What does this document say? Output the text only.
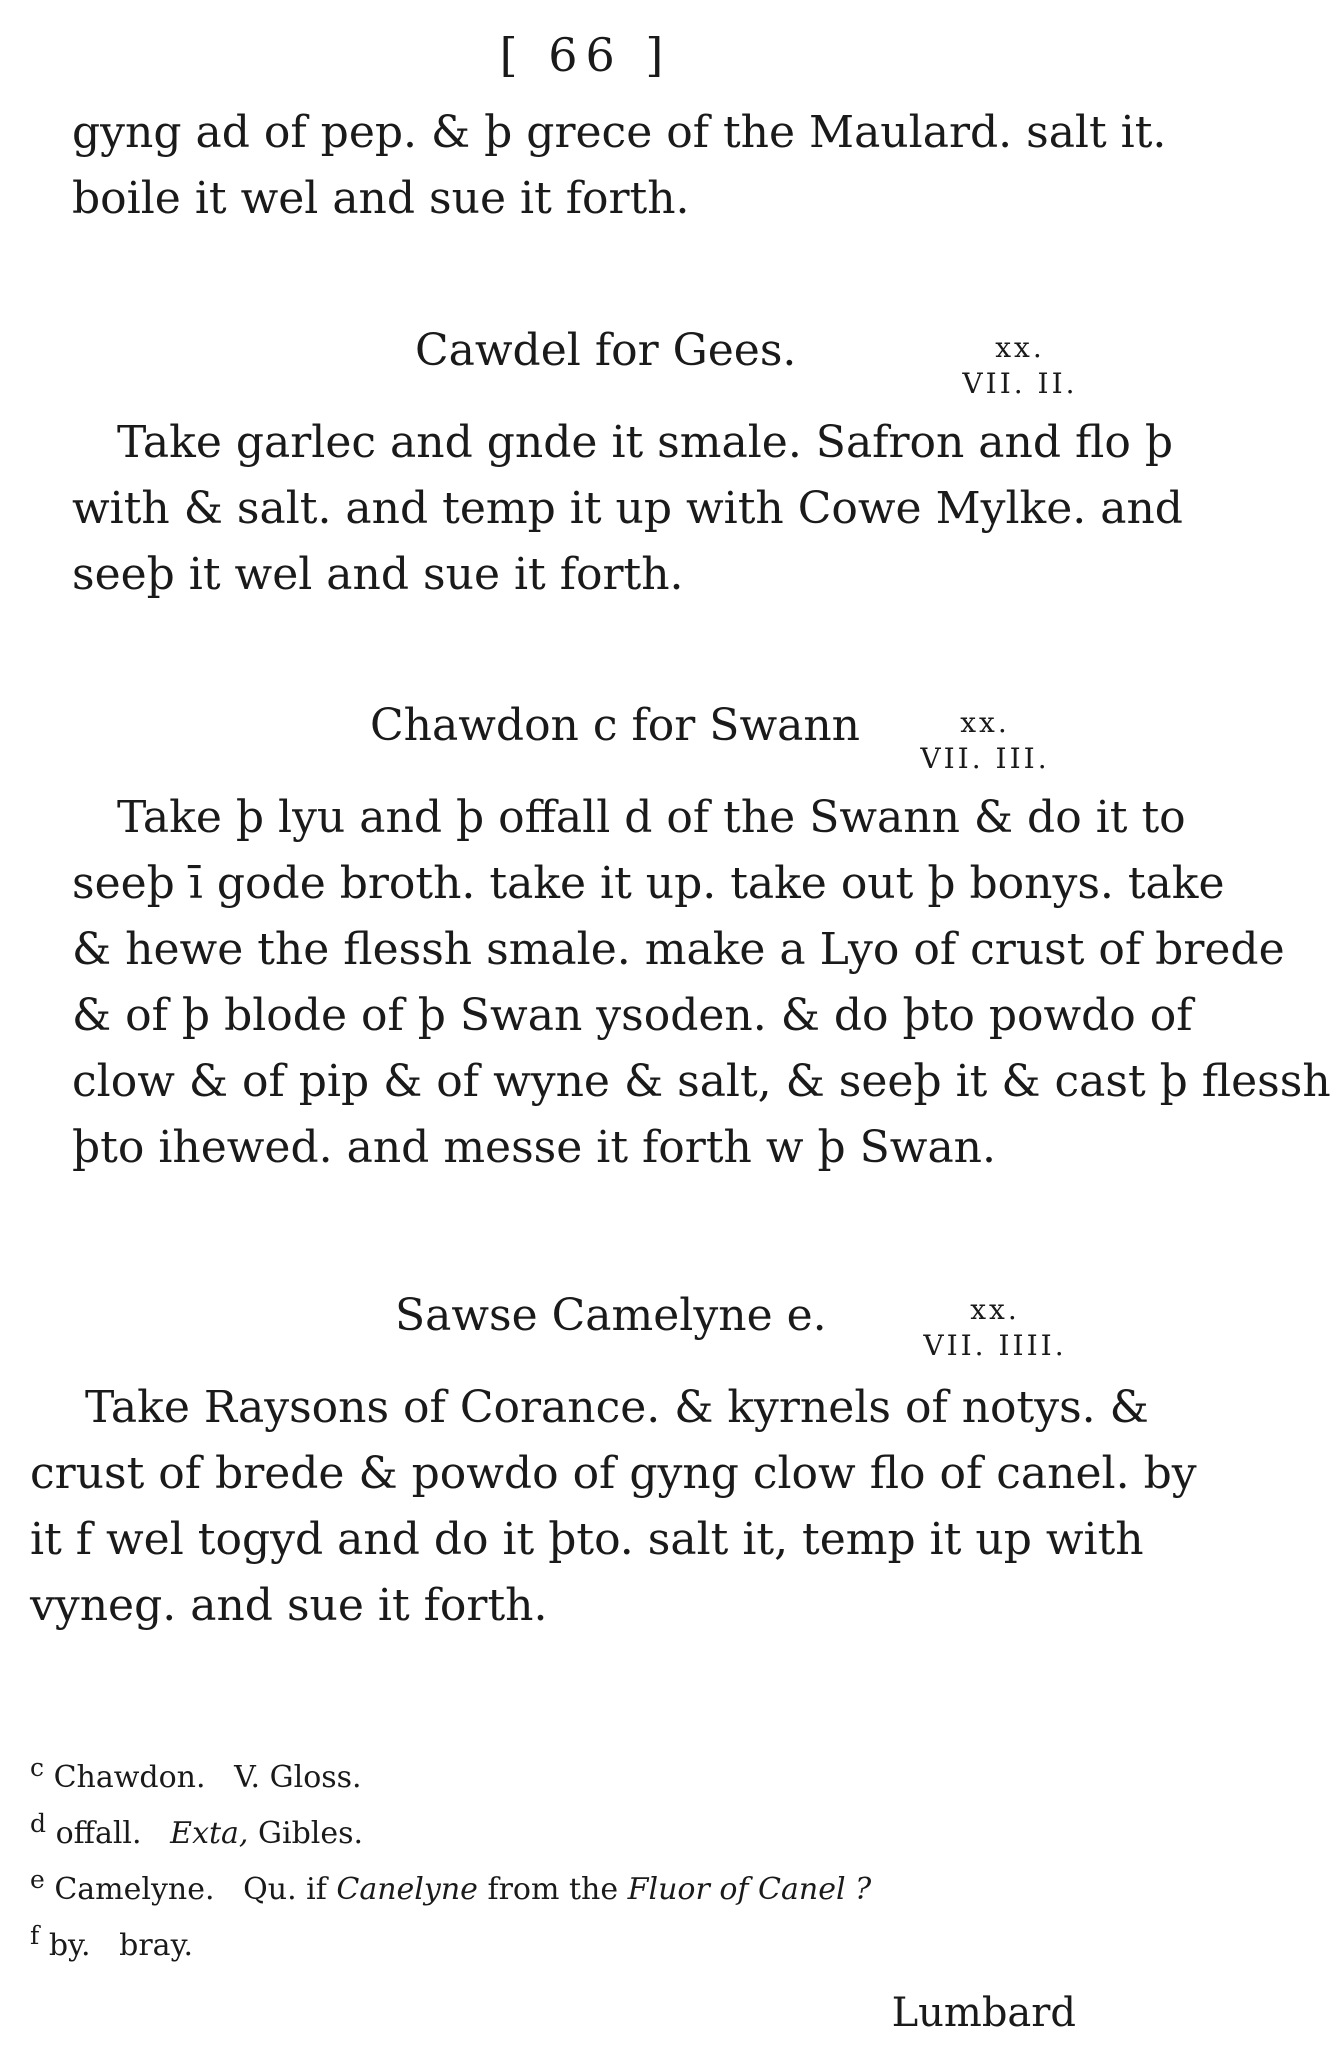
[ 66 ]
gyng ad of pep. & þ grece of the Maulard. salt it.
boile it wel and sue it forth.
Cawdel for Gees.	xx.
VII. II.
Take garlec and gnde it smale. Safron and flo þ
with & salt. and temp it up with Cowe Mylke. and
seeþ it wel and sue it forth.
Chawdon c for Swann	xx.
VII. III.
Take þ lyu and þ offall d of the Swann & do it to
seeþ ī gode broth. take it up. take out þ bonys. take
& hewe the flessh smale. make a Lyo of crust of brede
& of þ blode of þ Swan ysoden. & do þto powdo of
clow & of pip & of wyne & salt, & seeþ it & cast þ flessh
þto ihewed. and messe it forth w þ Swan.
Sawse Camelyne e.	xx.
VII. IIII.
Take Raysons of Corance. & kyrnels of notys. &
crust of brede & powdo of gyng clow flo of canel. by
it f wel togyd and do it þto. salt it, temp it up with
vyneg. and sue it forth.
$^c$ Chawdon. V. Gloss.
$^d$ offall. Exta, Gibles.
$^e$ Camelyne. Qu. if Canelyne from the Fluor of Canel ?
$^f$ by. bray.
Lumbard
